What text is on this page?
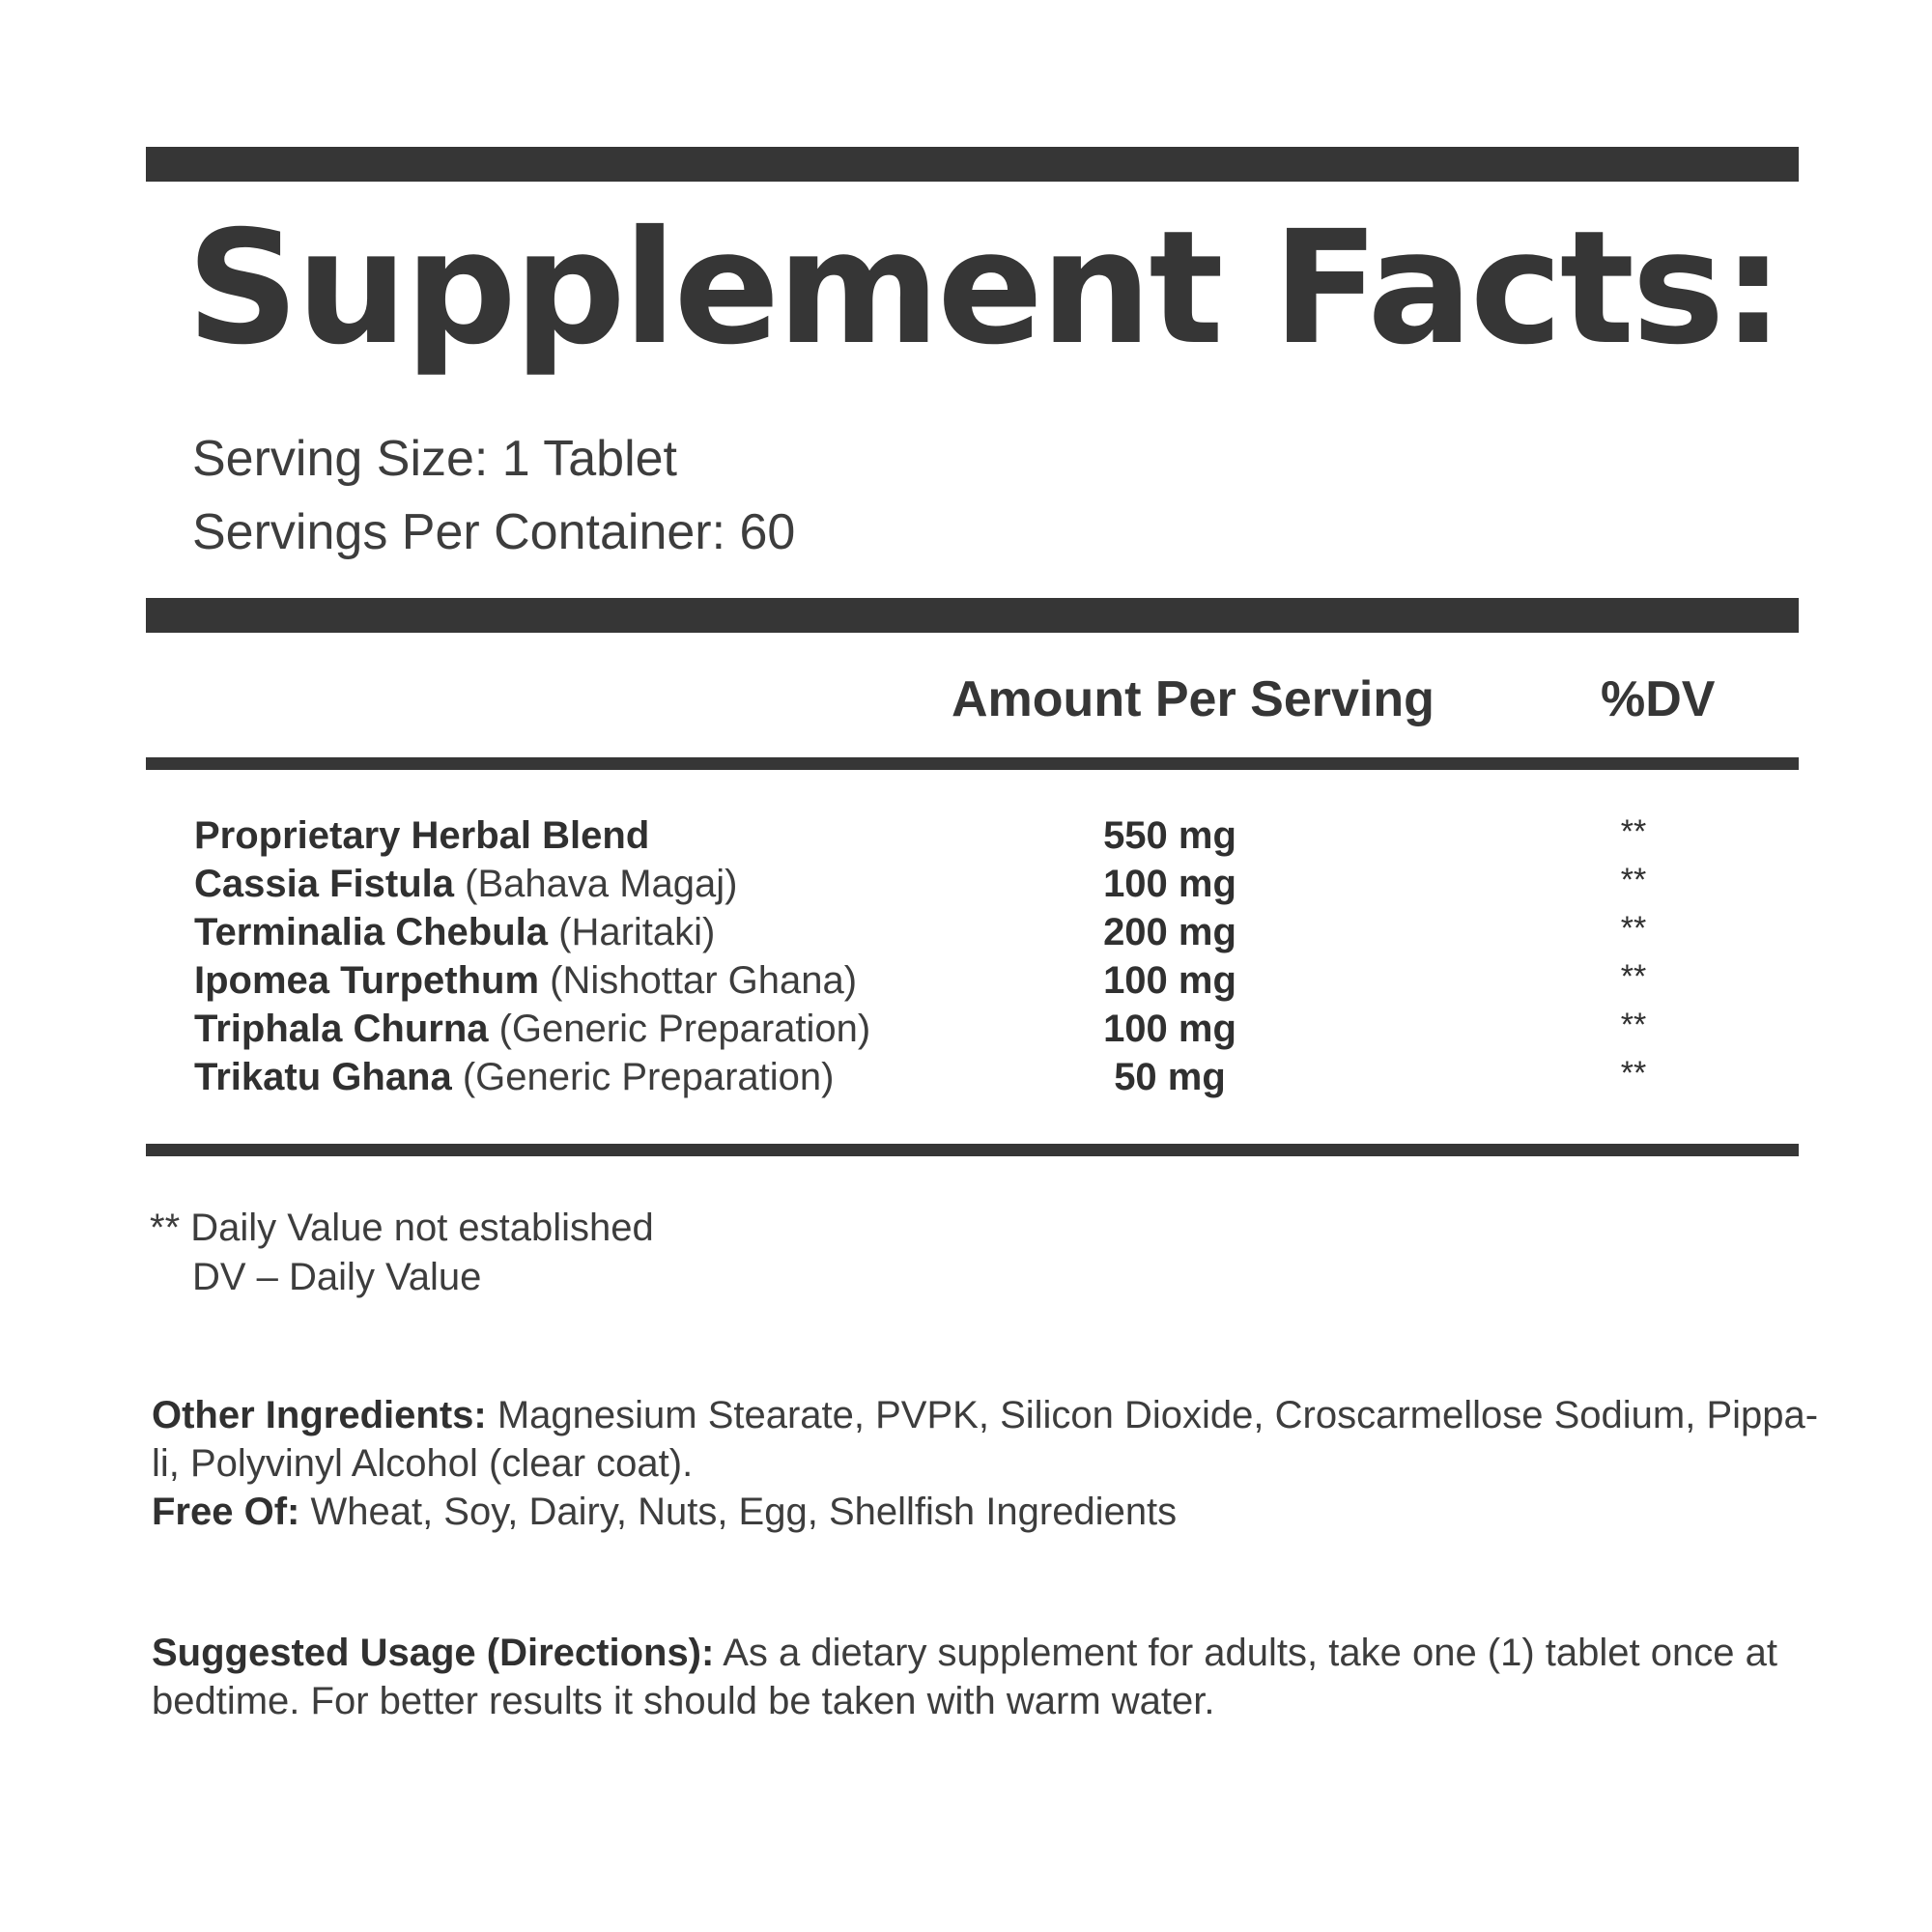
Supplement Facts:
Serving Size: 1 Tablet
Servings Per Container: 60
Amount Per Serving	%DV
Proprietary Herbal Blend	550 mg	**
Cassia Fistula (Bahava Magaj)	100 mg	**
Terminalia Chebula (Haritaki)	200 mg	**
Ipomea Turpethum (Nishottar Ghana)	100 mg	**
Triphala Churna (Generic Preparation)	100 mg	**
Trikatu Ghana (Generic Preparation)	50 mg	**
** Daily Value not established
DV – Daily Value
Other Ingredients: Magnesium Stearate, PVPK, Silicon Dioxide, Croscarmellose Sodium, Pippa-li, Polyvinyl Alcohol (clear coat).
Free Of: Wheat, Soy, Dairy, Nuts, Egg, Shellfish Ingredients
Suggested Usage (Directions): As a dietary supplement for adults, take one (1) tablet once at bedtime. For better results it should be taken with warm water.
